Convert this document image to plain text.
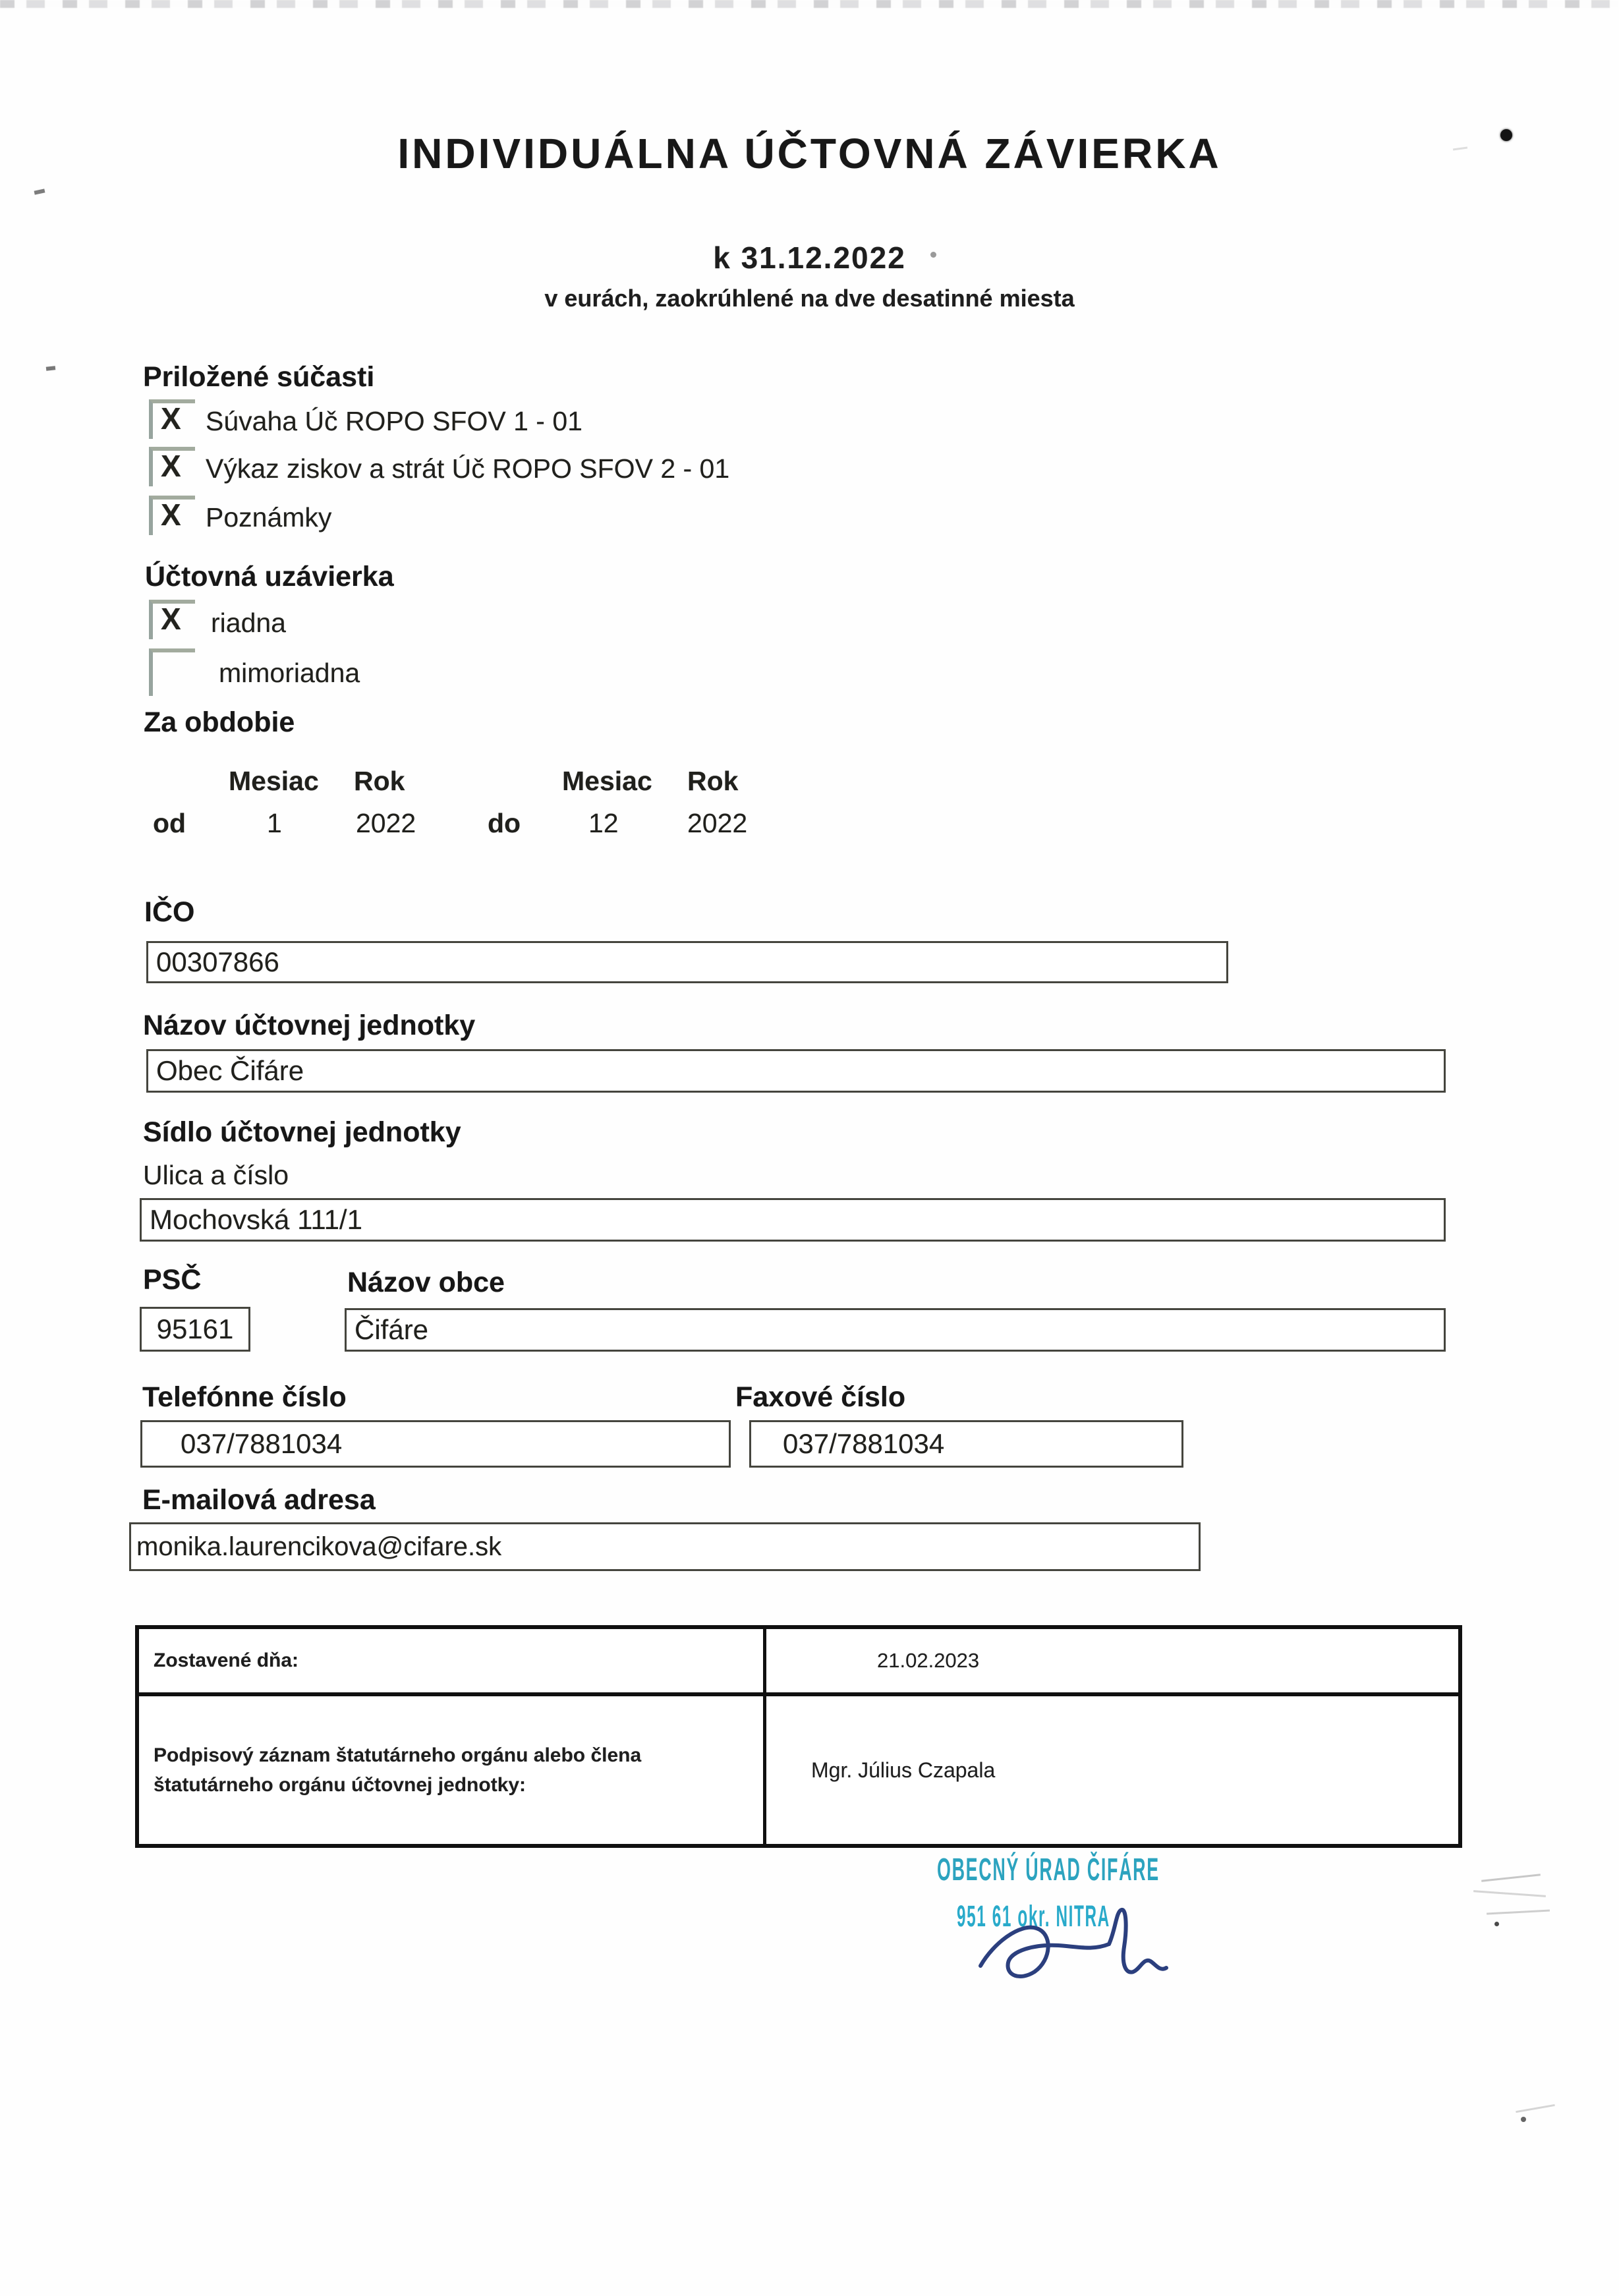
INDIVIDUÁLNA ÚČTOVNÁ ZÁVIERKA
k 31.12.2022
v eurách, zaokrúhlené na dve desatinné miesta
Priložené súčasti
X Súvaha Úč ROPO SFOV 1 - 01
X Výkaz ziskov a strát Úč ROPO SFOV 2 - 01
X Poznámky
Účtovná uzávierka
X riadna
mimoriadna
Za obdobie
Mesiac Rok	Mesiac Rok
od	1	2022	do	12	2022
IČO
00307866
Názov účtovnej jednotky
Obec Čifáre
Sídlo účtovnej jednotky
Ulica a číslo
Mochovská 111/1
PSČ	Názov obce
95161	Čifáre
Telefónne číslo	Faxové číslo
037/7881034	037/7881034
E-mailová adresa
monika.laurencikova@cifare.sk
Zostavené dňa:	21.02.2023
Podpisový záznam štatutárneho orgánu alebo člena štatutárneho orgánu účtovnej jednotky:
Mgr. Július Czapala
OBECNÝ ÚRAD ČIFÁRE
951 61 okr. NITRA
